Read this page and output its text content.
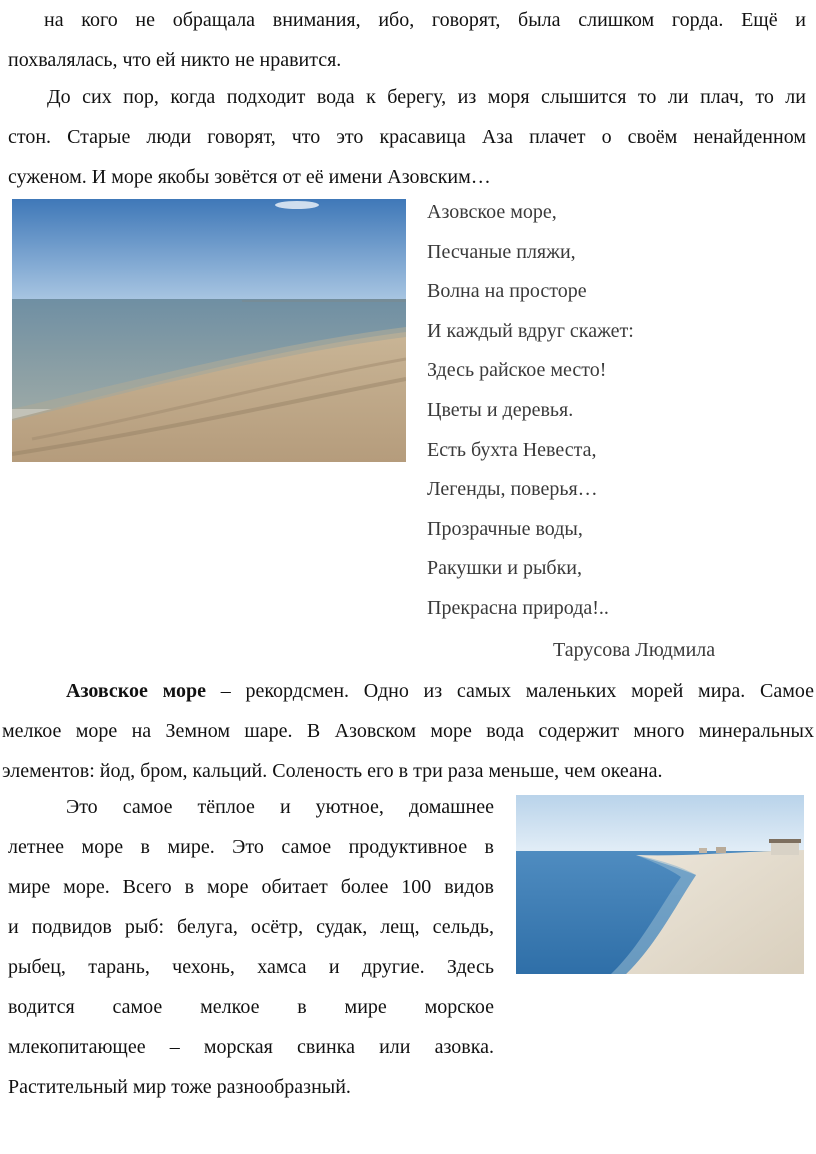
на кого не обращала внимания, ибо, говорят, была слишком горда. Ещё и
похвалялась, что ей никто не нравится.
До сих пор, когда подходит вода к берегу, из моря слышится то ли плач, то ли
стон. Старые люди говорят, что это красавица Аза плачет о своём ненайденном
суженом. И море якобы зовётся от её имени Азовским…
Азовское море,
Песчаные пляжи,
Волна на просторе
И каждый вдруг скажет:
Здесь райское место!
Цветы и деревья.
Есть бухта Невеста,
Легенды, поверья…
Прозрачные воды,
Ракушки и рыбки,
Прекрасна природа!..
Тарусова Людмила
Азовское море – рекордсмен. Одно из самых маленьких морей мира. Самое
мелкое море на Земном шаре. В Азовском море вода содержит много минеральных
элементов: йод, бром, кальций. Соленость его в три раза меньше, чем океана.
Это самое тёплое и уютное, домашнее
летнее море в мире. Это самое продуктивное в
мире море. Всего в море обитает более 100 видов
и подвидов рыб: белуга, осётр, судак, лещ, сельдь,
рыбец, тарань, чехонь, хамса и другие. Здесь
водится самое мелкое в мире морское
млекопитающее – морская свинка или азовка.
Растительный мир тоже разнообразный.
